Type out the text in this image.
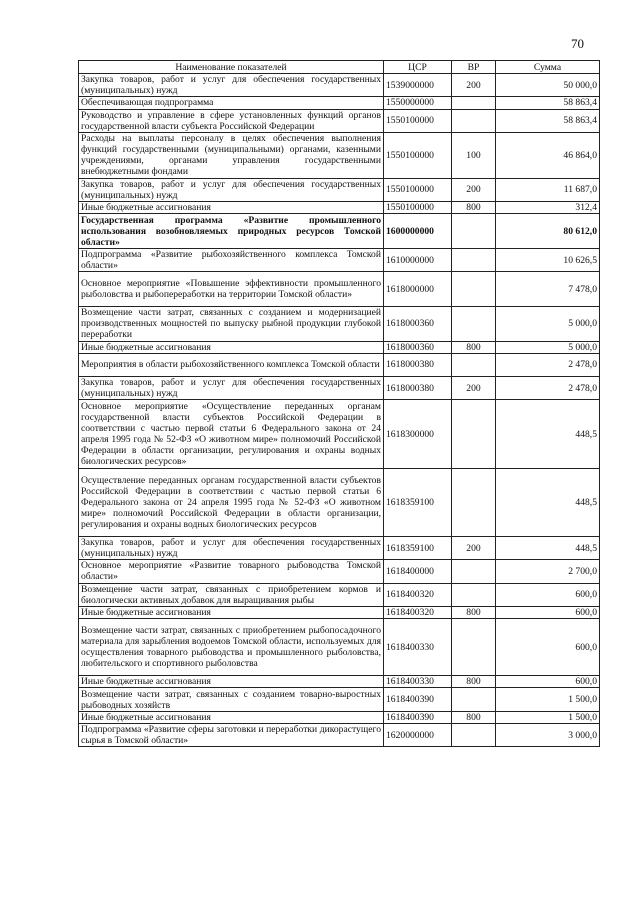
70
Наименование показателей	ЦСР	ВР	Сумма
Закупка товаров, работ и услуг для обеспечения государственных (муниципальных) нужд	1539000000	200	50 000,0
Обеспечивающая подпрограмма	1550000000		58 863,4
Руководство и управление в сфере установленных функций органов государственной власти субъекта Российской Федерации	1550100000		58 863,4
Расходы на выплаты персоналу в целях обеспечения выполнения функций государственными (муниципальными) органами, казенными учреждениями, органами управления государственными внебюджетными фондами	1550100000	100	46 864,0
Закупка товаров, работ и услуг для обеспечения государственных (муниципальных) нужд	1550100000	200	11 687,0
Иные бюджетные ассигнования	1550100000	800	312,4
Государственная программа «Развитие промышленного использования возобновляемых природных ресурсов Томской области»	1600000000		80 612,0
Подпрограмма «Развитие рыбохозяйственного комплекса Томской области»	1610000000		10 626,5
Основное мероприятие «Повышение эффективности промышленного рыболовства и рыбопереработки на территории Томской области»	1618000000		7 478,0
Возмещение части затрат, связанных с созданием и модернизацией производственных мощностей по выпуску рыбной продукции глубокой переработки	1618000360		5 000,0
Иные бюджетные ассигнования	1618000360	800	5 000,0
Мероприятия в области рыбохозяйственного комплекса Томской области	1618000380		2 478,0
Закупка товаров, работ и услуг для обеспечения государственных (муниципальных) нужд	1618000380	200	2 478,0
Основное мероприятие «Осуществление переданных органам государственной власти субъектов Российской Федерации в соответствии с частью первой статьи 6 Федерального закона от 24 апреля 1995 года № 52-ФЗ «О животном мире» полномочий Российской Федерации в области организации, регулирования и охраны водных биологических ресурсов»	1618300000		448,5
Осуществление переданных органам государственной власти субъектов Российской Федерации в соответствии с частью первой статьи 6 Федерального закона от 24 апреля 1995 года № 52-ФЗ «О животном мире» полномочий Российской Федерации в области организации, регулирования и охраны водных биологических ресурсов	1618359100		448,5
Закупка товаров, работ и услуг для обеспечения государственных (муниципальных) нужд	1618359100	200	448,5
Основное мероприятие «Развитие товарного рыбоводства Томской области»	1618400000		2 700,0
Возмещение части затрат, связанных с приобретением кормов и биологически активных добавок для выращивания рыбы	1618400320		600,0
Иные бюджетные ассигнования	1618400320	800	600,0
Возмещение части затрат, связанных с приобретением рыбопосадочного материала для зарыбления водоемов Томской области, используемых для осуществления товарного рыбоводства и промышленного рыболовства, любительского и спортивного рыболовства	1618400330		600,0
Иные бюджетные ассигнования	1618400330	800	600,0
Возмещение части затрат, связанных с созданием товарно-выростных рыбоводных хозяйств	1618400390		1 500,0
Иные бюджетные ассигнования	1618400390	800	1 500,0
Подпрограмма «Развитие сферы заготовки и переработки дикорастущего сырья в Томской области»	1620000000		3 000,0
